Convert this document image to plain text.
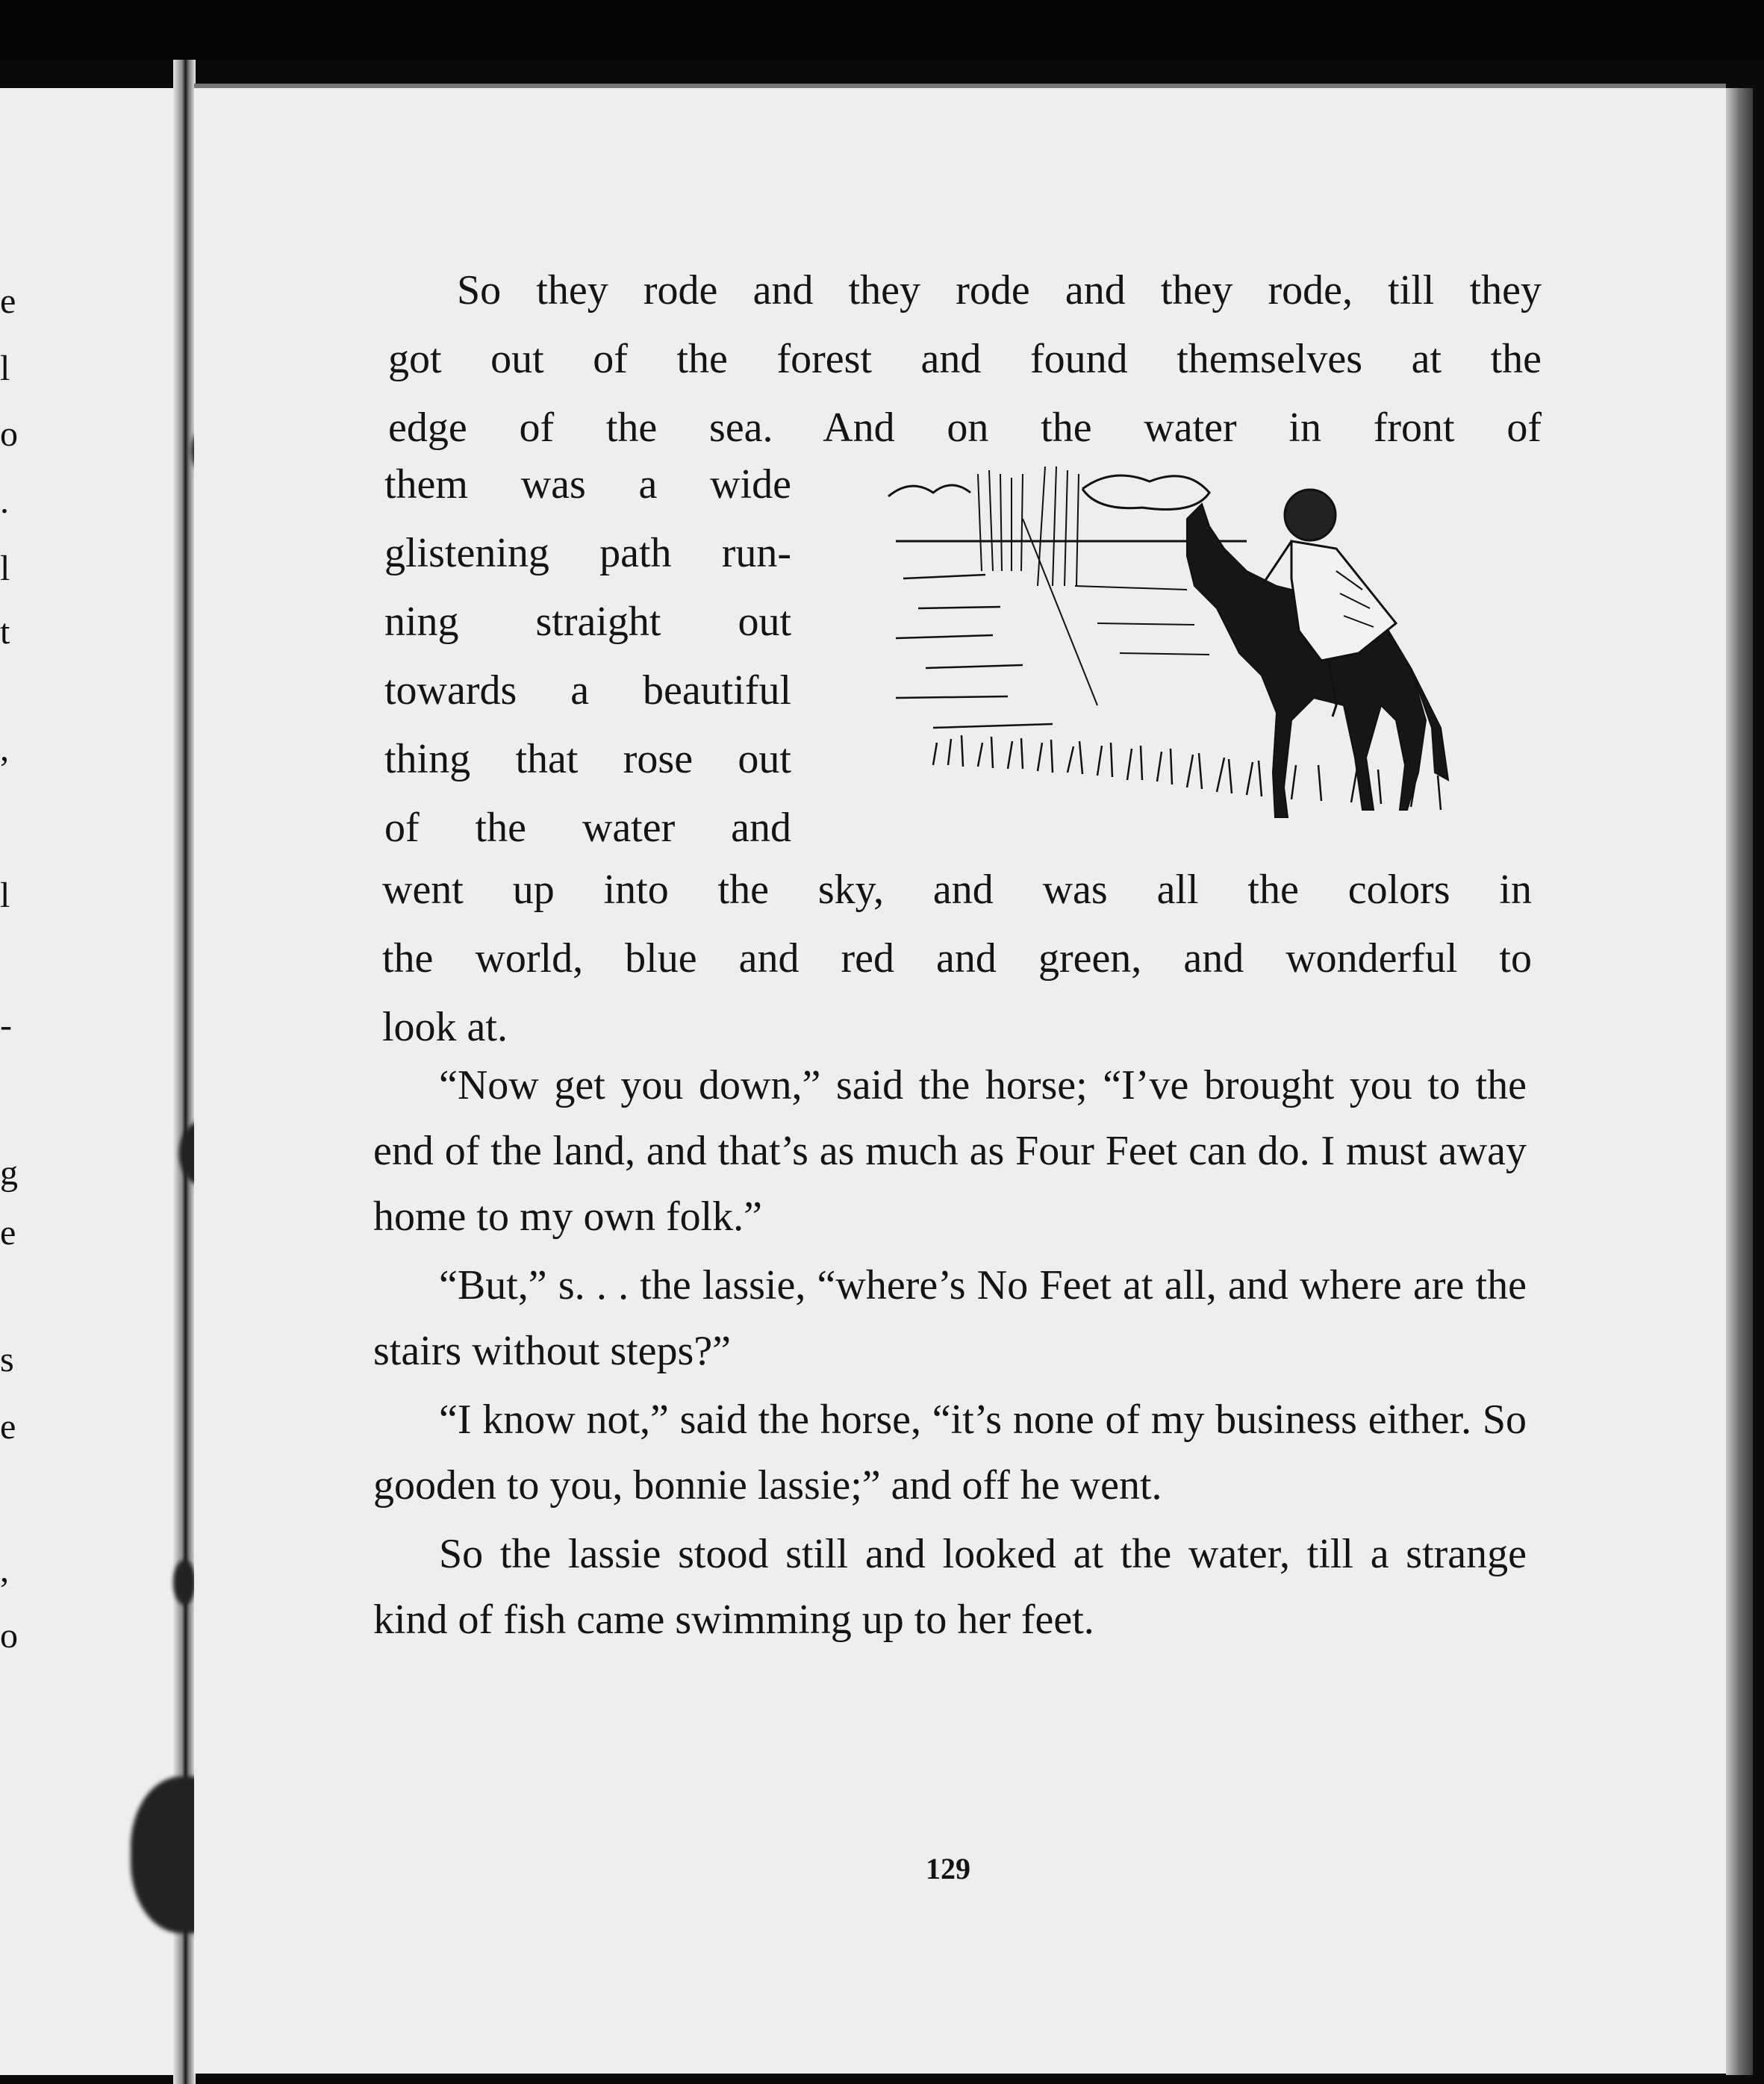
e
l
o
.
l
t
,
l
-
g
e
s
e
,
o
So they rode and they rode and they rode, till they
got out of the forest and found themselves at the
edge of the sea. And on the water in front of
them was a wide
glistening path run-
ning straight out
towards a beautiful
thing that rose out
of the water and
went up into the sky, and was all the colors in
the world, blue and red and green, and wonderful to
look at.

“Now get you down,” said the horse; “I’ve brought you to the end of the land, and that’s as much as Four Feet can do. I must away home to my own folk.”

“But,” s. . . the lassie, “where’s No Feet at all, and where are the stairs without steps?”

“I know not,” said the horse, “it’s none of my business either. So gooden to you, bonnie lassie;” and off he went.

So the lassie stood still and looked at the water, till a strange kind of fish came swimming up to her feet.

129
